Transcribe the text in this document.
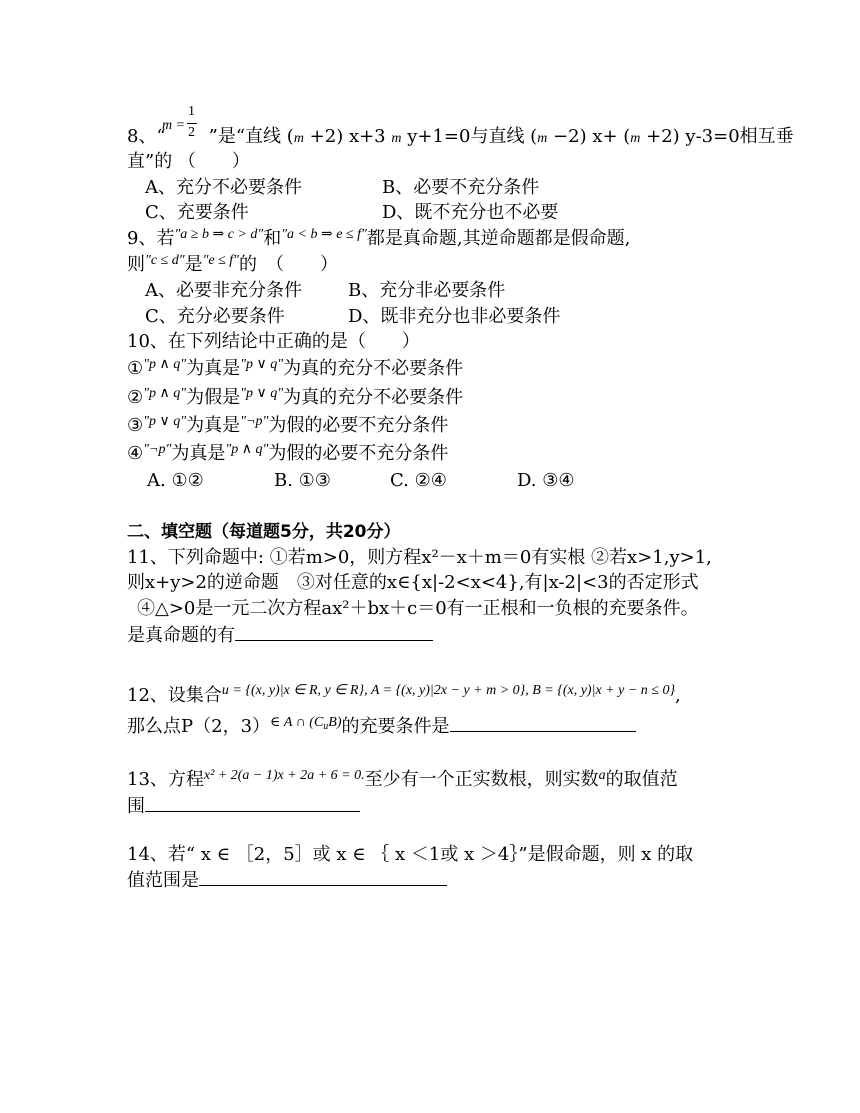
m =
1
2
8、“ ”是“直线 (m +2) x+3 m y+1=0与直线 (m −2) x+ (m +2) y-3=0相互垂
直”的 （　　）
A、充分不必要条件	B、必要不充分条件
C、充要条件	D、既不充分也不必要
9、若$^{''a \ge b \Rightarrow c > d''}$和$^{''a < b \Rightarrow e \le f''}$都是真命题,其逆命题都是假命题,
则$^{''c \le d''}$是$^{''e \le f''}$的　（　　）
A、必要非充分条件	B、充分非必要条件
C、充分必要条件	D、既非充分也非必要条件
10、在下列结论中正确的是（　　）
①$^{"p \wedge q"}$为真是$^{"p \vee q"}$为真的充分不必要条件
②$^{"p \wedge q"}$为假是$^{"p \vee q"}$为真的充分不必要条件
③$^{"p \vee q"}$为真是$^{"\neg p"}$为假的必要不充分条件
④$^{"\neg p"}$为真是$^{"p \wedge q"}$为假的必要不充分条件
A. ①②	B. ①③	C. ②④	D. ③④
二、填空题（每道题5分，共20分）
11、下列命题中: ①若m>0，则方程x²－x＋m＝0有实根 ②若x>1,y>1,
则x+y>2的逆命题　③对任意的x∈{x|-2<x<4},有|x-2|<3的否定形式
④△>0是一元二次方程ax²＋bx＋c＝0有一正根和一负根的充要条件。
是真命题的有
12、设集合$^{u = \{(x, y)|x \in R, y \in R\}, A = \{(x, y)|2x - y + m > 0\}, B = \{(x, y)|x + y - n \le 0\}}$,
那么点P（2，$3)^{\in A \cap (C}u^{B)}$的充要条件是
13、方程$^{x^2 + 2(a - 1)x + 2a + 6 = 0.}$至少有一个正实数根，则实数$^a$的取值范
围
14、若“ x ∈ ［2，5］或 x ∈ ｛ x ＜1或 x ＞4｝”是假命题，则 x 的取
值范围是
